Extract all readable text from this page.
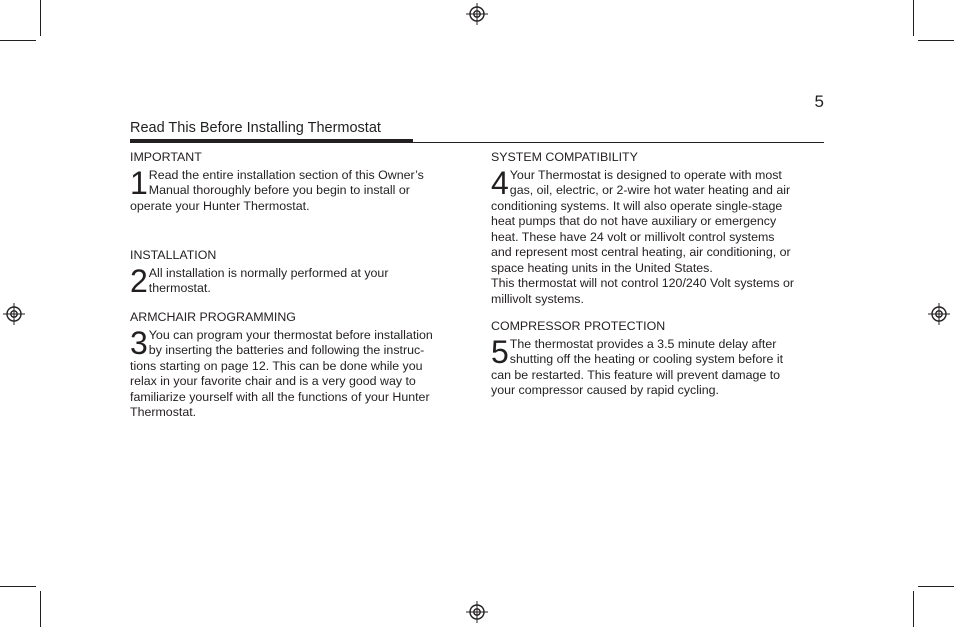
5
Read This Before Installing Thermostat
IMPORTANT
1 Read the entire installation section of this Owner’s
Manual thoroughly before you begin to install or
operate your Hunter Thermostat.
INSTALLATION
2 All installation is normally performed at your
thermostat.
ARMCHAIR PROGRAMMING
3 You can program your thermostat before installation
by inserting the batteries and following the instruc-
tions starting on page 12. This can be done while you
relax in your favorite chair and is a very good way to
familiarize yourself with all the functions of your Hunter
Thermostat.
SYSTEM COMPATIBILITY
4 Your Thermostat is designed to operate with most
gas, oil, electric, or 2-wire hot water heating and air
conditioning systems. It will also operate single-stage
heat pumps that do not have auxiliary or emergency
heat. These have 24 volt or millivolt control systems
and represent most central heating, air conditioning, or
space heating units in the United States.
This thermostat will not control 120/240 Volt systems or
millivolt systems.
COMPRESSOR PROTECTION
5 The thermostat provides a 3.5 minute delay after
shutting off the heating or cooling system before it
can be restarted. This feature will prevent damage to
your compressor caused by rapid cycling.
